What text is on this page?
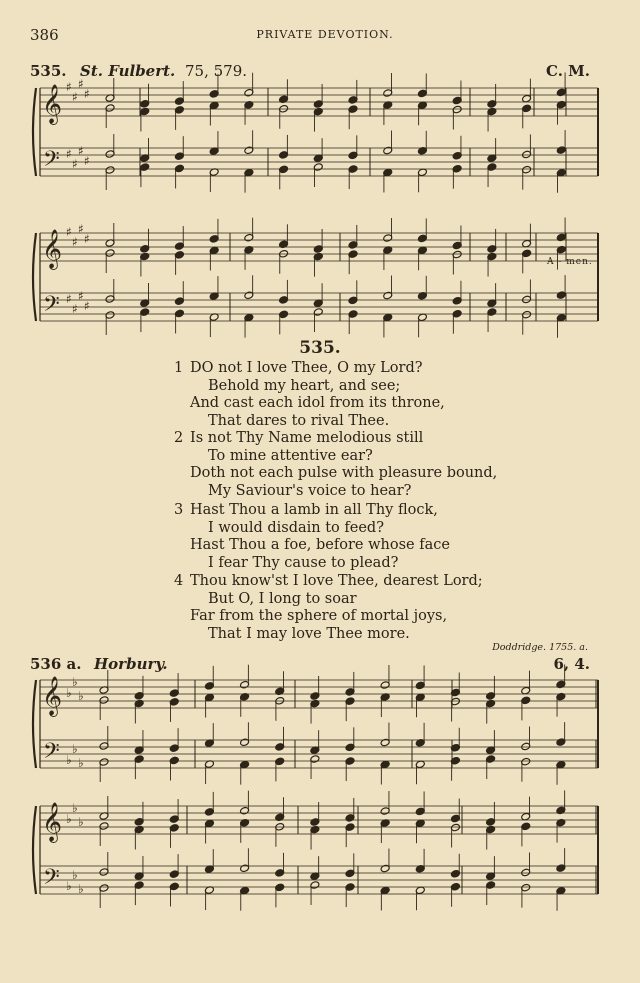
386	PRIVATE DEVOTION.
535. St. Fulbert. 75, 579.	C. M.
536 a. Horbury.	6, 4.
𝄞
𝄢
♯
♯
♯
♯
♯
♯
♯
♯
𝄞
𝄢
♯
♯
♯
♯
♯
♯
♯
♯
𝄞
𝄢
♭
♭
♭
♭
♭
♭
𝄞
𝄢
♭
♭
♭
♭
♭
♭
A - men.
535.
1 DO not I love Thee, O my Lord?
Behold my heart, and see;
And cast each idol from its throne,
That dares to rival Thee.
2 Is not Thy Name melodious still
To mine attentive ear?
Doth not each pulse with pleasure bound,
My Saviour's voice to hear?
3 Hast Thou a lamb in all Thy flock,
I would disdain to feed?
Hast Thou a foe, before whose face
I fear Thy cause to plead?
4 Thou know'st I love Thee, dearest Lord;
But O, I long to soar
Far from the sphere of mortal joys,
That I may love Thee more.
Doddridge. 1755. a.
